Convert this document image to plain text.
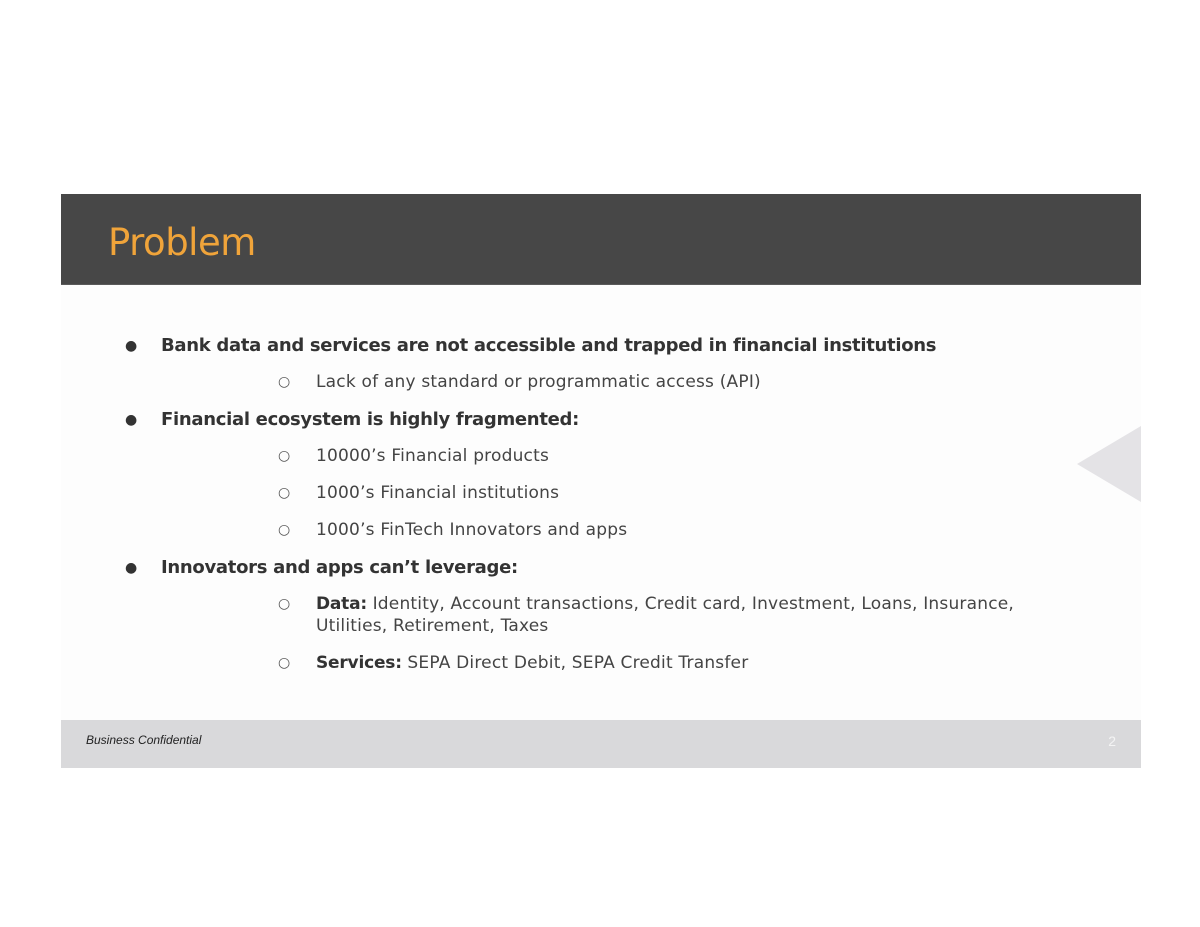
Problem
● Bank data and services are not accessible and trapped in financial institutions
○ Lack of any standard or programmatic access (API)
● Financial ecosystem is highly fragmented:
○ 10000’s Financial products
○ 1000’s Financial institutions
○ 1000’s FinTech Innovators and apps
● Innovators and apps can’t leverage:
○ Data: Identity, Account transactions, Credit card, Investment, Loans, Insurance, Utilities, Retirement, Taxes
○ Services: SEPA Direct Debit, SEPA Credit Transfer
Business Confidential	2
